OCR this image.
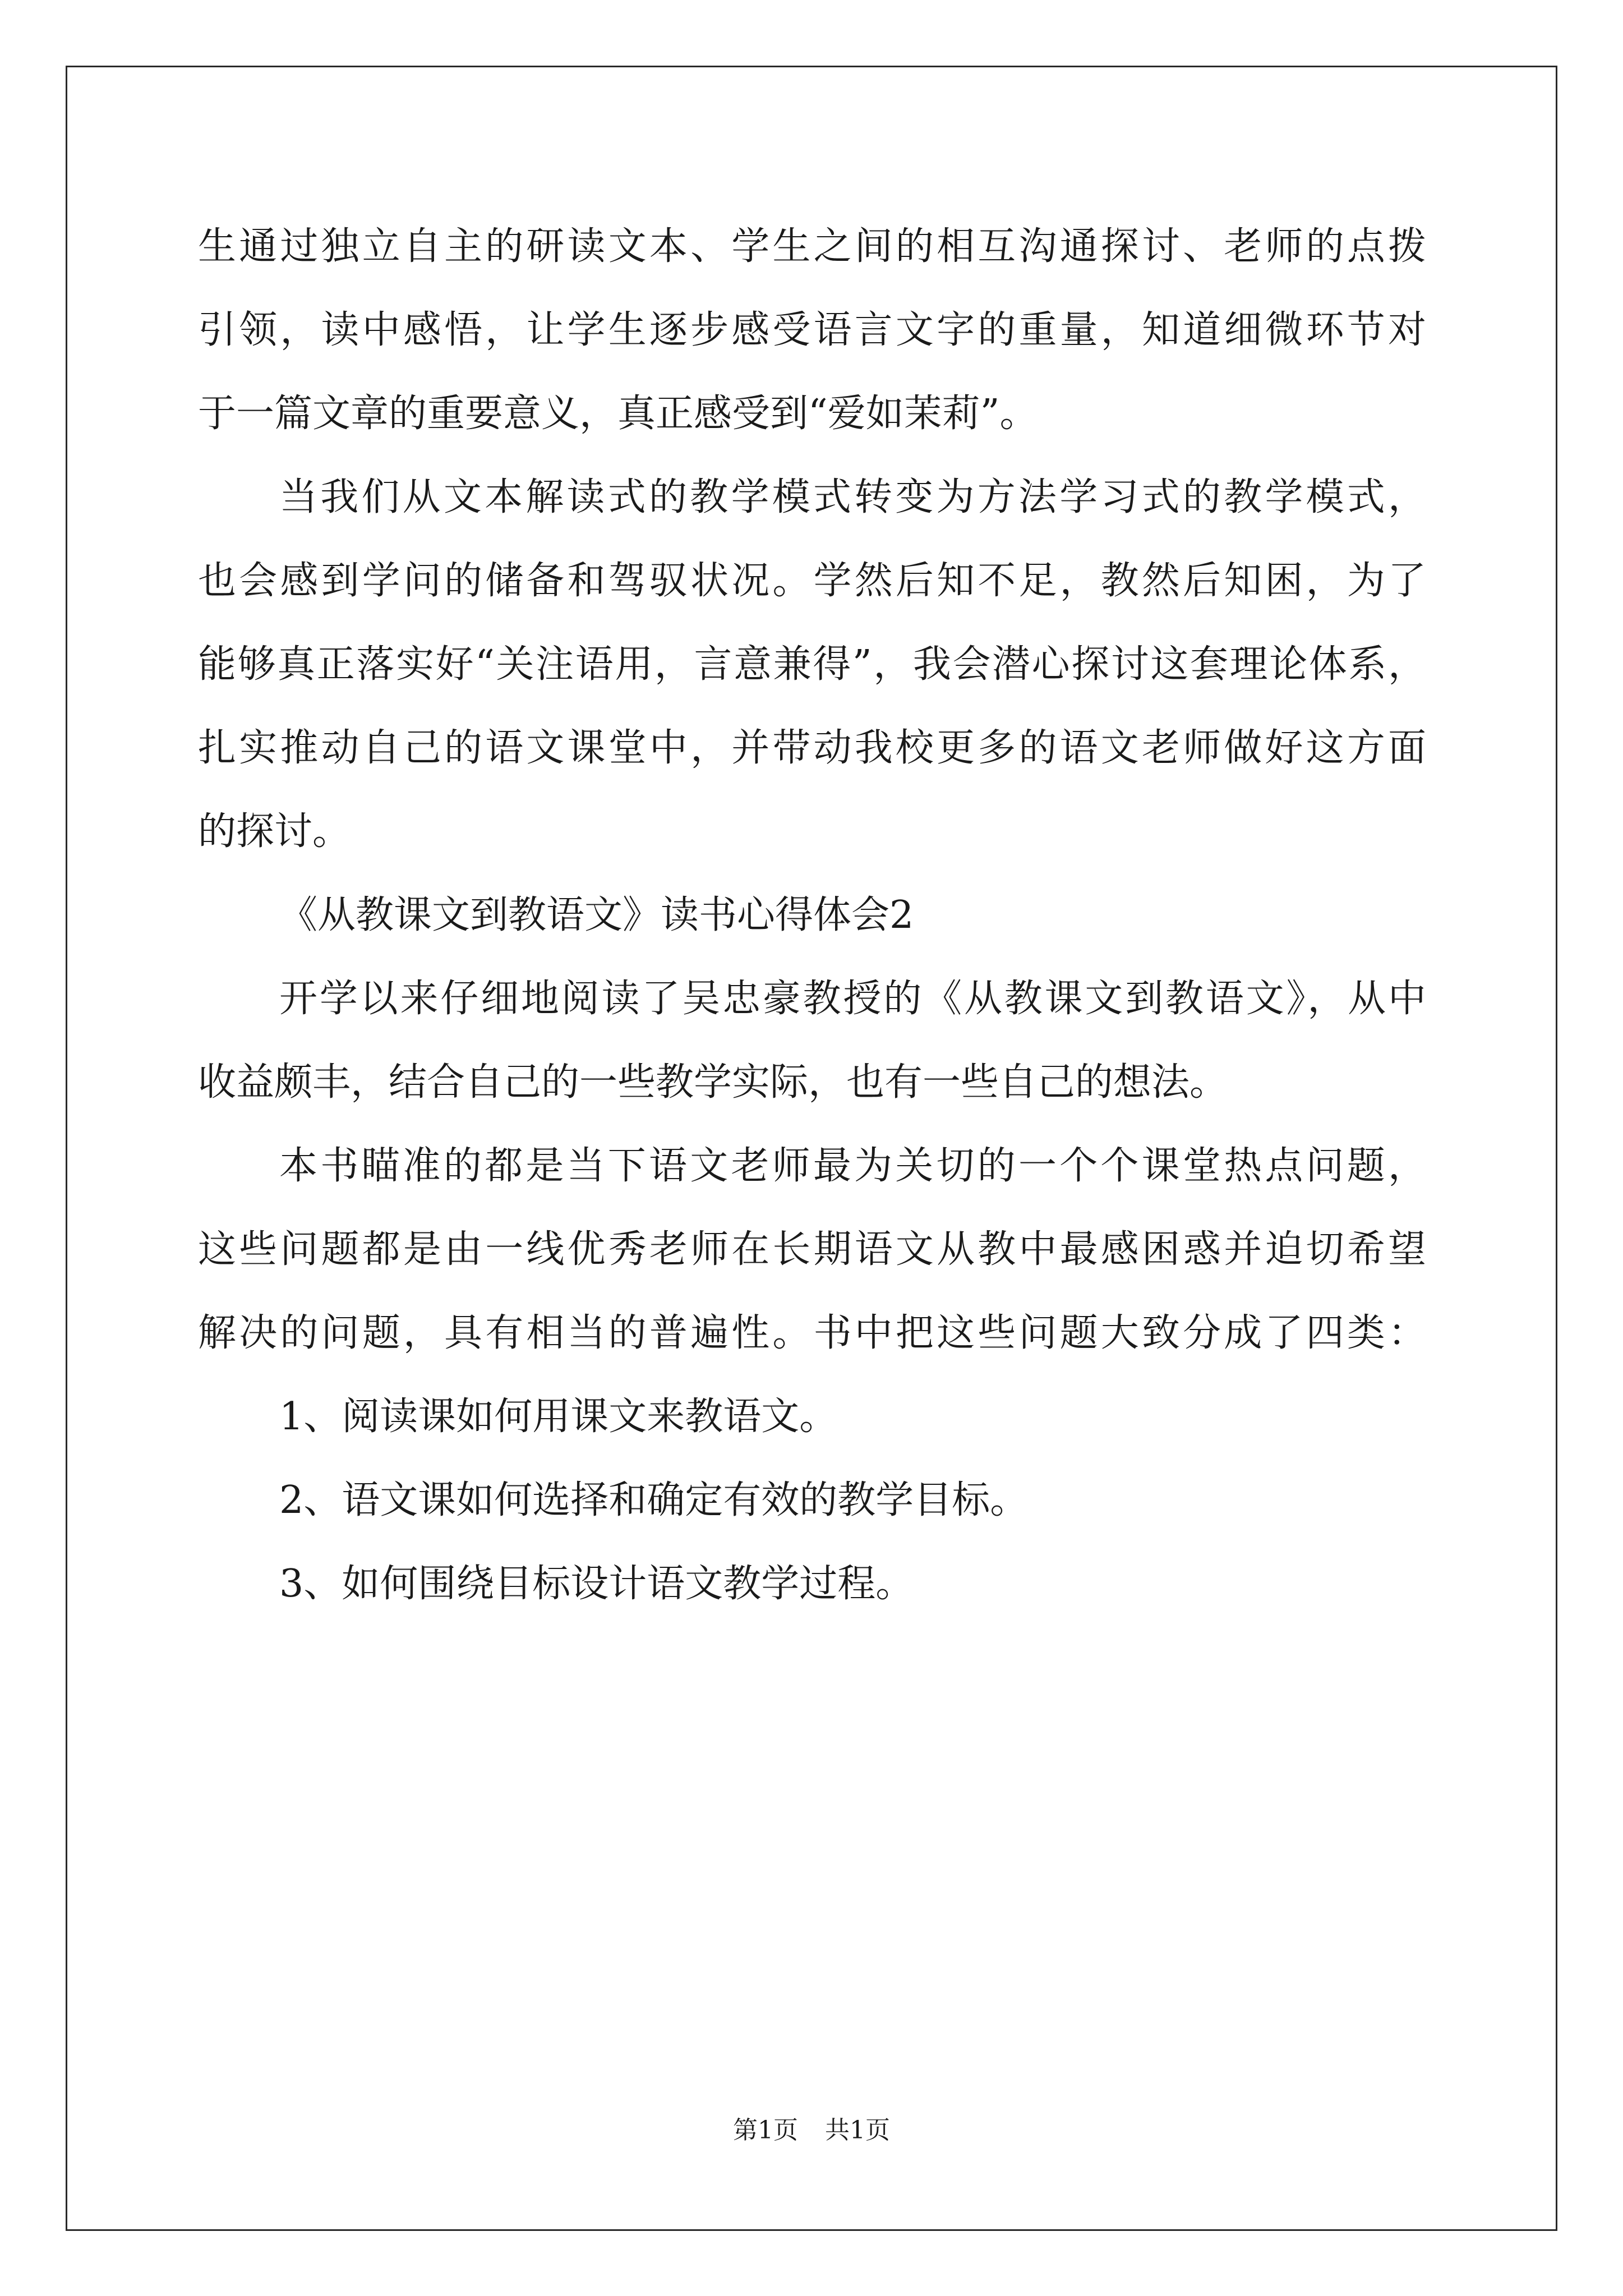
生通过独立自主的研读文本、学生之间的相互沟通探讨、老师的点拨
引领，读中感悟，让学生逐步感受语言文字的重量，知道细微环节对
于一篇文章的重要意义，真正感受到“爱如茉莉”。
当我们从文本解读式的教学模式转变为方法学习式的教学模式，
也会感到学问的储备和驾驭状况。学然后知不足，教然后知困，为了
能够真正落实好“关注语用，言意兼得”，我会潜心探讨这套理论体系，
扎实推动自己的语文课堂中，并带动我校更多的语文老师做好这方面
的探讨。
《从教课文到教语文》读书心得体会2
开学以来仔细地阅读了吴忠豪教授的《从教课文到教语文》，从中
收益颇丰，结合自己的一些教学实际，也有一些自己的想法。
本书瞄准的都是当下语文老师最为关切的一个个课堂热点问题，
这些问题都是由一线优秀老师在长期语文从教中最感困惑并迫切希望
解决的问题，具有相当的普遍性。书中把这些问题大致分成了四类：
1、阅读课如何用课文来教语文。
2、语文课如何选择和确定有效的教学目标。
3、如何围绕目标设计语文教学过程。
第1页 共1页
